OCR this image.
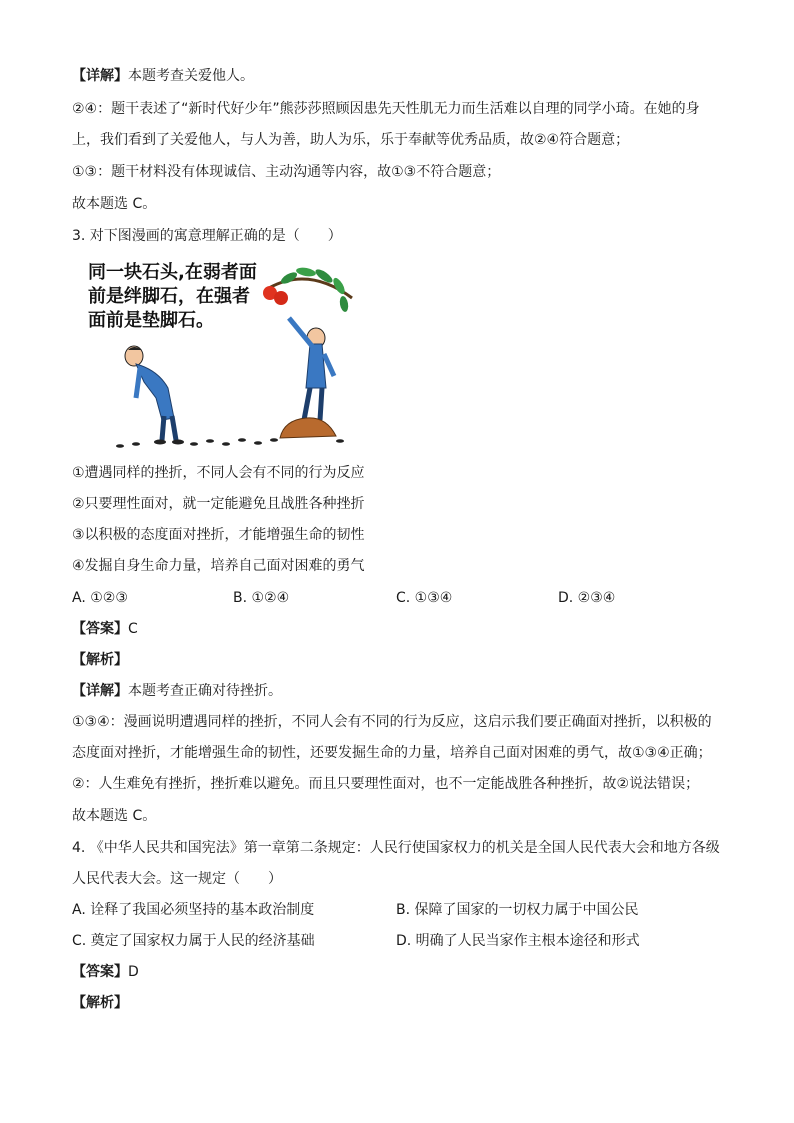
【详解】本题考查关爱他人。
②④：题干表述了“新时代好少年”熊莎莎照顾因患先天性肌无力而生活难以自理的同学小琦。在她的身
上，我们看到了关爱他人，与人为善，助人为乐，乐于奉献等优秀品质，故②④符合题意；
①③：题干材料没有体现诚信、主动沟通等内容，故①③不符合题意；
故本题选 C。
3. 对下图漫画的寓意理解正确的是（　　）
同一块石头,在弱者面
前是绊脚石，在强者
面前是垫脚石。
①遭遇同样的挫折，不同人会有不同的行为反应
②只要理性面对，就一定能避免且战胜各种挫折
③以积极的态度面对挫折，才能增强生命的韧性
④发掘自身生命力量，培养自己面对困难的勇气
A. ①②③	B. ①②④	C. ①③④	D. ②③④
【答案】C
【解析】
【详解】本题考查正确对待挫折。
①③④：漫画说明遭遇同样的挫折，不同人会有不同的行为反应，这启示我们要正确面对挫折，以积极的
态度面对挫折，才能增强生命的韧性，还要发掘生命的力量，培养自己面对困难的勇气，故①③④正确；
②：人生难免有挫折，挫折难以避免。而且只要理性面对，也不一定能战胜各种挫折，故②说法错误；
故本题选 C。
4. 《中华人民共和国宪法》第一章第二条规定：人民行使国家权力的机关是全国人民代表大会和地方各级
人民代表大会。这一规定（　　）
A. 诠释了我国必须坚持的基本政治制度	B. 保障了国家的一切权力属于中国公民
C. 奠定了国家权力属于人民的经济基础	D. 明确了人民当家作主根本途径和形式
【答案】D
【解析】
